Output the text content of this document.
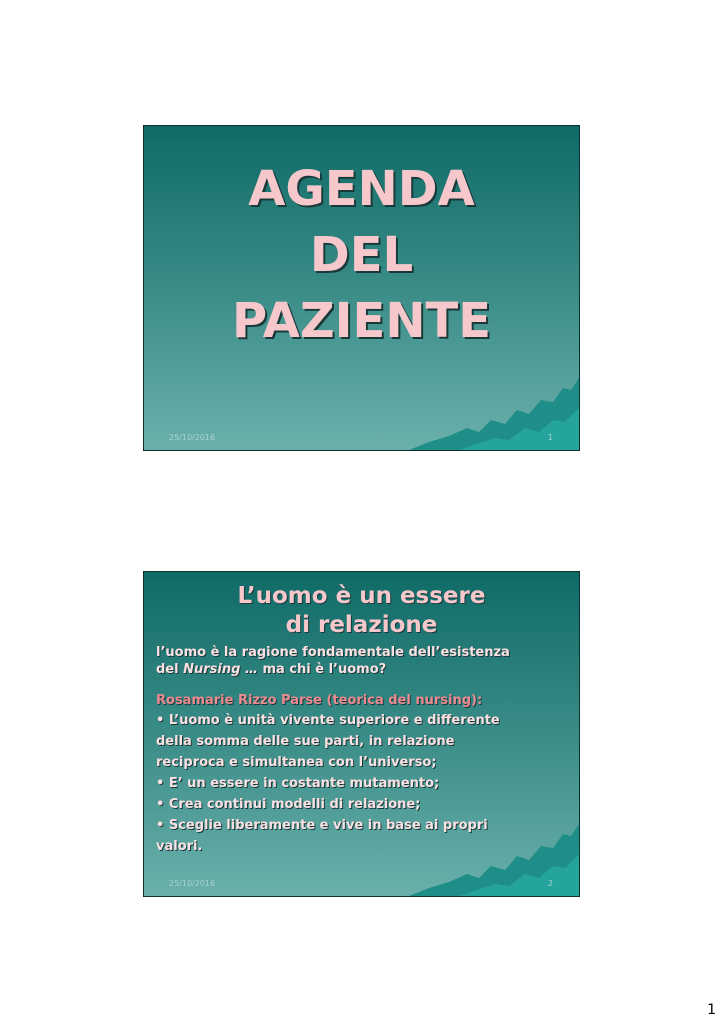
AGENDA
DEL
PAZIENTE
25/10/2016	1
L’uomo è un essere
di relazione
l’uomo è la ragione fondamentale dell’esistenza
del Nursing … ma chi è l’uomo?
Rosamarie Rizzo Parse (teorica del nursing):
• L’uomo è unità vivente superiore e differente
della somma delle sue parti, in relazione
reciproca e simultanea con l’universo;
• E’ un essere in costante mutamento;
• Crea continui modelli di relazione;
• Sceglie liberamente e vive in base ai propri
valori.
25/10/2016	2
1
